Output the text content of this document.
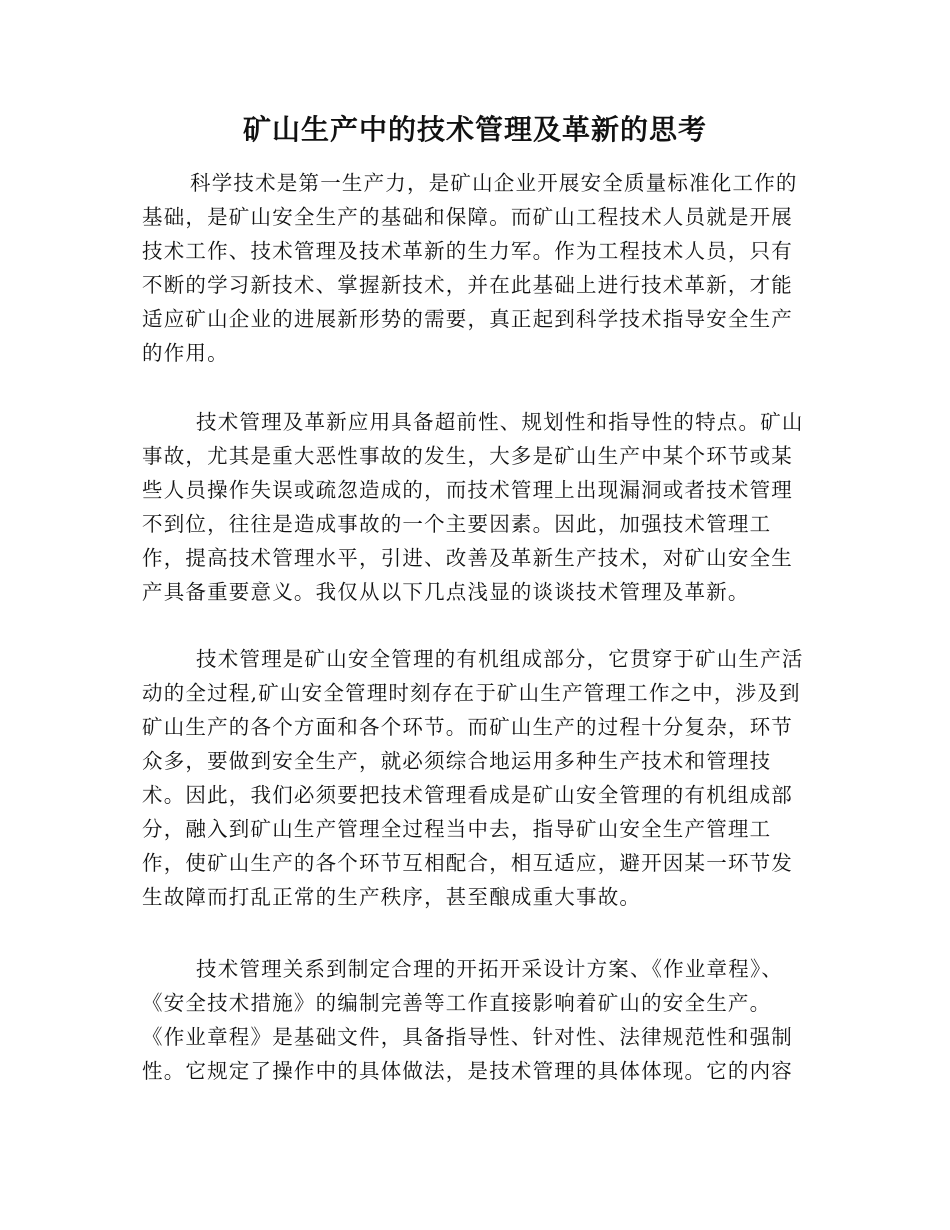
矿山生产中的技术管理及革新的思考
科学技术是第一生产力，是矿山企业开展安全质量标准化工作的
基础，是矿山安全生产的基础和保障。而矿山工程技术人员就是开展
技术工作、技术管理及技术革新的生力军。作为工程技术人员，只有
不断的学习新技术、掌握新技术，并在此基础上进行技术革新，才能
适应矿山企业的进展新形势的需要，真正起到科学技术指导安全生产
的作用。
技术管理及革新应用具备超前性、规划性和指导性的特点。矿山
事故，尤其是重大恶性事故的发生，大多是矿山生产中某个环节或某
些人员操作失误或疏忽造成的，而技术管理上出现漏洞或者技术管理
不到位，往往是造成事故的一个主要因素。因此，加强技术管理工
作，提高技术管理水平，引进、改善及革新生产技术，对矿山安全生
产具备重要意义。我仅从以下几点浅显的谈谈技术管理及革新。
技术管理是矿山安全管理的有机组成部分，它贯穿于矿山生产活
动的全过程,矿山安全管理时刻存在于矿山生产管理工作之中，涉及到
矿山生产的各个方面和各个环节。而矿山生产的过程十分复杂，环节
众多，要做到安全生产，就必须综合地运用多种生产技术和管理技
术。因此，我们必须要把技术管理看成是矿山安全管理的有机组成部
分，融入到矿山生产管理全过程当中去，指导矿山安全生产管理工
作，使矿山生产的各个环节互相配合，相互适应，避开因某一环节发
生故障而打乱正常的生产秩序，甚至酿成重大事故。
技术管理关系到制定合理的开拓开采设计方案、《作业章程》、
《安全技术措施》的编制完善等工作直接影响着矿山的安全生产。
《作业章程》是基础文件，具备指导性、针对性、法律规范性和强制
性。它规定了操作中的具体做法，是技术管理的具体体现。它的内容
